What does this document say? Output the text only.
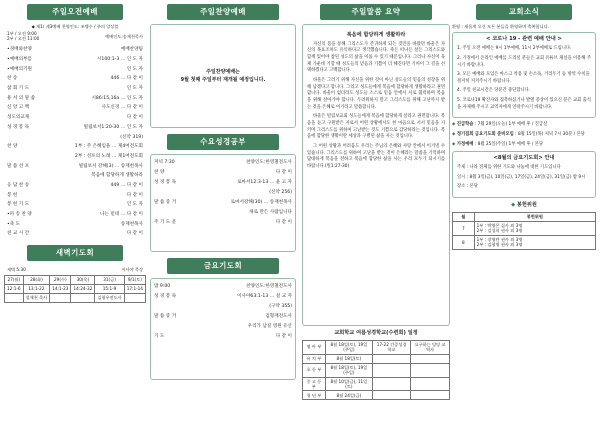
주일오전예배
◆ 제1/ 제3예배 찬양인도: 조맹수 / 주의 앙상블
1부 / 오전 9:00
2부 / 오전 11:00
예배인도:송재천목사
•경배와찬양	예배찬양팀
•예배의부름	시100:1-3 … 인 도 자
•예배의기원	인 도 자
찬 송	446 … 다 같 이
참 회 기 도	인 도 자
용 서 의 말 씀	시86:15,16a … 인 도 자
신 앙 고 백	사도신경 … 다 같 이
성도의교제	다 같 이
성 경 봉 독	빌립보서1:20-30 … 인 도 자
(신약 319)
찬 양	1부 : 주 은혜임을 … 제4여전도회
2부 : 선포의 노래 … 제1여전도회
말 씀 선 포	빌립보서 강해(3) … 송재천목사
복음에 합당하게 생활하라
응 답 찬 송	449 … 다 같 이
봉 헌	다 같 이
봉 헌 기 도	인 도 자
•파 송 찬 양	나는 믿네 … 다 같 이
•축 도	송재천목사
친 교 시 간	다 같 이
새벽기도회
새벽 5:30	이사야 묵상
27(월)	28(화)	29(수)	30(목)	31(금)	9/1(토)
12:1-6	13:1-22	14:1-23	14:24-32	15:1-9	17:1-14
	설재천 목사			김형우전도사	
주일찬양예배
주일찬양예배는
9월 첫째 주일부터 재개될 예정입니다.
수요성경공부
저녁 7:30	찬양인도:한영철전도사
찬 양	다 같 이
성 경 봉 독	로마서12:3-13 … 윤 고 자
(신약 256)
말 씀 증 거	로마서강해(30) … 송재천목사
새로 만든 사람입니다
주 기 도 문	다 같 이
금요기도회
밤 9:00	찬양인도:한영철전도사
성 경 봉 독	이사야63:1-13 … 설 교 자
(구약 355)
말 씀 증 거	김형재전도사
우리가 남길 영원 유산
기 도	다 같 이
주일말씀 요약
복음에 합당하게 생활하라

자신의 몸을 통해 그리스도가 존귀하게 되는 것만을 바랐던 바울은 자신의 목표조차도 유익하다고 생각했습니다. 죽든 떠나든 살든 그리스도와 함께 있어야 참된 성도의 삶을 이룰 수 있기 때문입니다. 그러나 자신이 육체 가운데 거할 때 성도들의 믿음과 기쁨이 더 해진다면 기꺼이 그 길을 선택하겠다고 고백합니다.

바울은 그러기 위해 자신을 위한 것이 아닌 성도들의 믿음의 성장을 위해 남겠다고 합니다. 그리고 성도들에게 복음에 합당하게 생활하라고 권면합니다. 바울이 없더라도 성도들 스스로 믿음 안에서 서로 협력하며 복음을 위해 살아가야 합니다. 두려워하지 말고 그리스도를 위해 고난까지 받는 것을 은혜로 여기라고 말씀합니다.

바울은 빌립보교회 성도들에게 복음에 합당하게 살라고 권면합니다. 복음을 듣고 구원받은 자로서 어떤 상황에서도 한 마음으로 서서 믿음을 지키며 그리스도를 위하여 고난받는 것도 기쁨으로 감당하라는 것입니다. 복음에 합당한 생활이란 세상과 구별된 삶을 사는 것입니다.

그 어떤 상황과 어려움도 우리는 주님의 은혜와 사랑 안에서 이겨낼 수 있습니다. 그리스도를 위하여 고난을 받는 것이 은혜라는 말씀을 기억하며 담대하게 복음을 전하고 복음에 합당한 삶을 사는 우리 모두가 되시기를 바랍니다.(빌1:27-30)

교회학교 여름성경학교(수련회) 일정
영 아 부	8월 18일(토), 19일(주일)	17-22 간증성경학교	요구하는 담당 교역자
유 치 부	8월 18일(토)		
초 등 부	8월 18일(토), 19일(주일)		
중 고 등 부	8월 10일(금), 11일(토)		
청 년 부	8월 24일(금)		
교회소식
환영 : 새롭게 오신 모든 분들을 환영하며 축복합니다.
< 코로나 19 - 관련 예배 안내 >
1. 주일 오전 예배는 9시 1부예배, 11시 2부예배로 드립니다.
2. 가정에서 온라인 예배를 드리실 분들은 교회 유튜브 채널을 이용해 주시기 바랍니다.
3. 모든 예배와 모임은 마스크 착용 및 손소독, 거리두기 등 방역 수칙을 철저히 지켜주시기 바랍니다.
4. 주일 친교시간은 당분간 중단합니다.
5. 코로나19 확진자와 접촉하셨거나 발열 증상이 있으신 분은 교회 출석을 자제해 주시고 교역자에게 연락주시기 바랍니다.
◆ 진급학습 : 7월 29일(오늘) 1부 예배 후 / 진급실
◆ 정기집회 금요기도회 준비모임 : 8월 15일(목) 저녁 7시 30분 / 본당
◆ 가정예배 : 8월 25일(주일) 1부 예배 후 / 본당
<8월의 금요기도회> 안내
주제 : 나라 전체를 위한 기도와 나눔에 대한 기도입니다
일시 : 8월 3일(금), 10일(금), 17일(금), 24일(금), 31일(금) 밤 9시
장소 : 본당
◆ 봉헌위원
월	봉헌위원
7	1부 : 박영은 집사 외 3명
2부 : 김성희 권사 외 3명

8	1부 : 장영란 권사 외 3명
2부 : 김형영 권사 외 3명
